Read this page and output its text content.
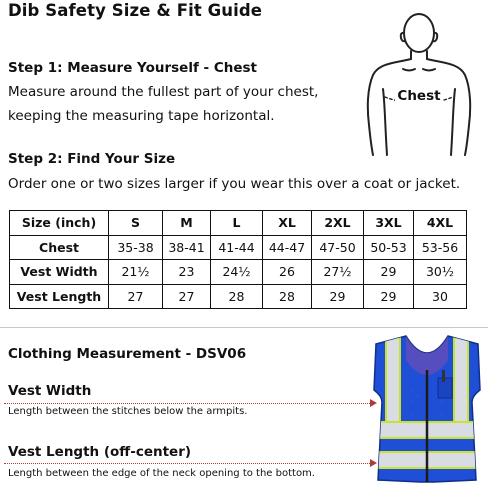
Dib Safety Size & Fit Guide
Step 1: Measure Yourself - Chest
Measure around the fullest part of your chest,
keeping the measuring tape horizontal.
Chest
Step 2: Find Your Size
Order one or two sizes larger if you wear this over a coat or jacket.
Size (inch)	S	M	L	XL	2XL	3XL	4XL
Chest	35-38	38-41	41-44	44-47	47-50	50-53	53-56
Vest Width	21½	23	24½	26	27½	29	30½
Vest Length	27	27	28	28	29	29	30
Clothing Measurement - DSV06
Vest Width
Length between the stitches below the armpits.
Vest Length (off-center)
Length between the edge of the neck opening to the bottom.
